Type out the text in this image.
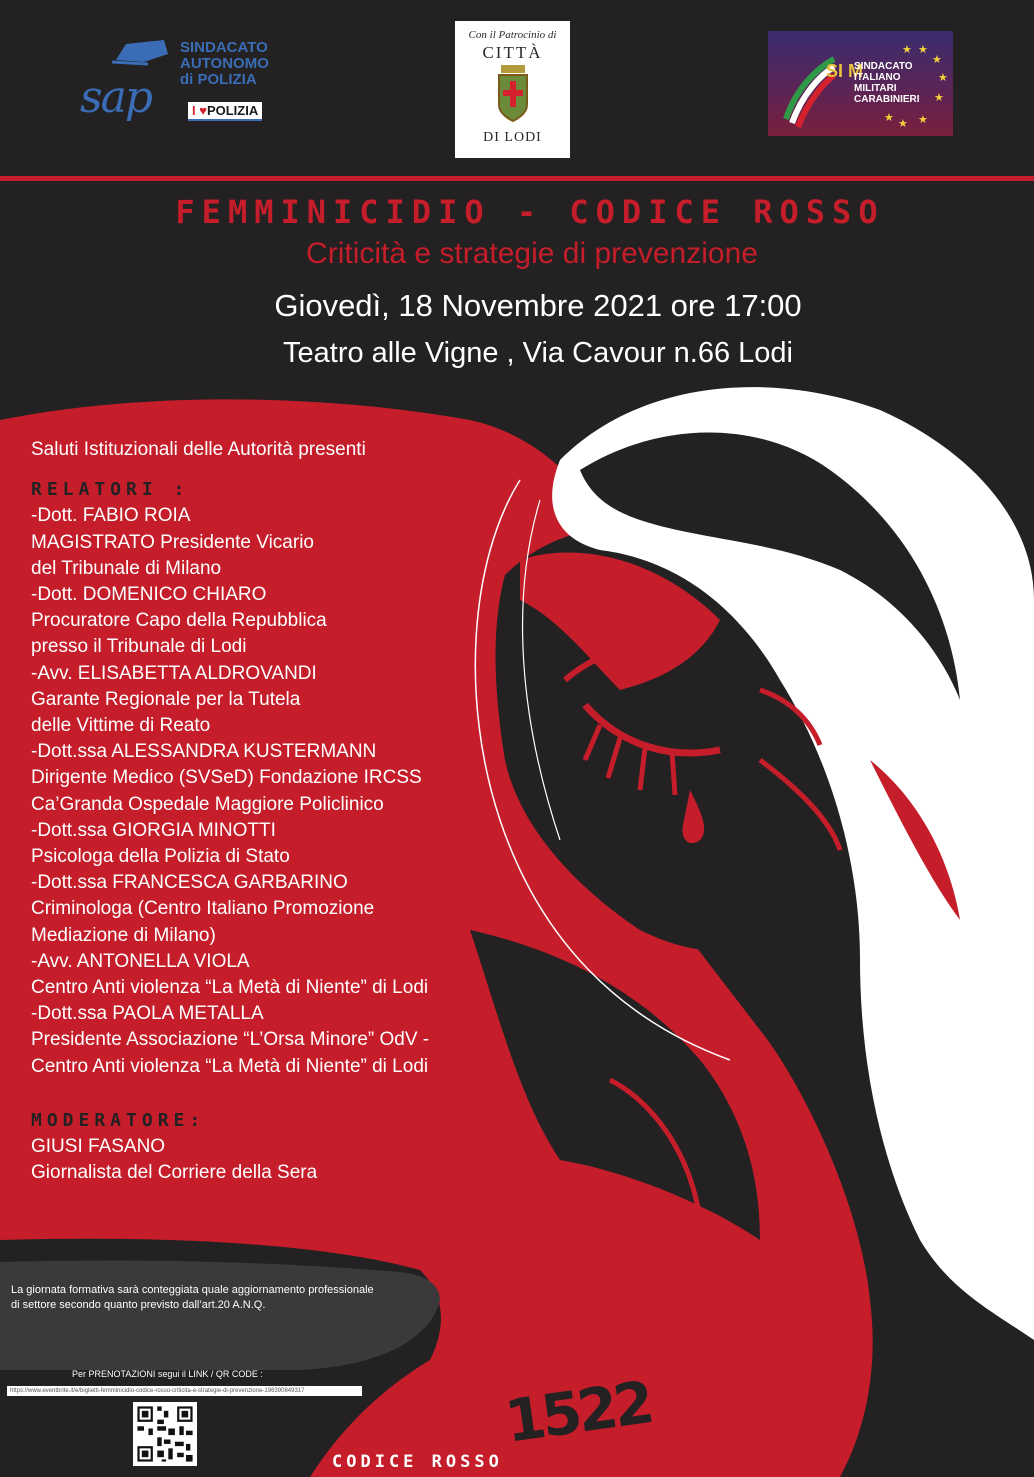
sap
SINDACATO
AUTONOMO
di POLIZIA
I ♥POLIZIA
Con il Patrocinio di
CITTÀ
DI LODI
SI M
SINDACATO
ITALIANO
MILITARI
CARABINIERI
★
★
★
★
★
★
★
★
FEMMINICIDIO - CODICE ROSSO
Criticità e strategie di prevenzione
Giovedì, 18 Novembre 2021 ore 17:00
Teatro alle Vigne , Via Cavour n.66 Lodi
Saluti Istituzionali delle Autorità presenti
RELATORI :
-Dott. FABIO ROIA
MAGISTRATO Presidente Vicario
del Tribunale di Milano
-Dott. DOMENICO CHIARO
Procuratore Capo della Repubblica
presso il Tribunale di Lodi
-Avv. ELISABETTA ALDROVANDI
Garante Regionale per la Tutela
delle Vittime di Reato
-Dott.ssa ALESSANDRA KUSTERMANN
Dirigente Medico (SVSeD) Fondazione IRCSS
Ca’Granda Ospedale Maggiore Policlinico
-Dott.ssa GIORGIA MINOTTI
Psicologa della Polizia di Stato
-Dott.ssa FRANCESCA GARBARINO
Criminologa (Centro Italiano Promozione
Mediazione di Milano)
-Avv. ANTONELLA VIOLA
Centro Anti violenza “La Metà di Niente” di Lodi
-Dott.ssa PAOLA METALLA
Presidente Associazione “L’Orsa Minore” OdV -
Centro Anti violenza “La Metà di Niente” di Lodi
MODERATORE:
GIUSI FASANO
Giornalista del Corriere della Sera
La giornata formativa sarà conteggiata quale aggiornamento professionale
di settore secondo quanto previsto dall’art.20 A.N.Q.
Per PRENOTAZIONI segui il LINK / QR CODE :
https://www.eventbrite.it/e/biglietti-femminicidio-codice-rosso-criticita-e-strategie-di-prevenzione-196390849317	1522
CODICE ROSSO
